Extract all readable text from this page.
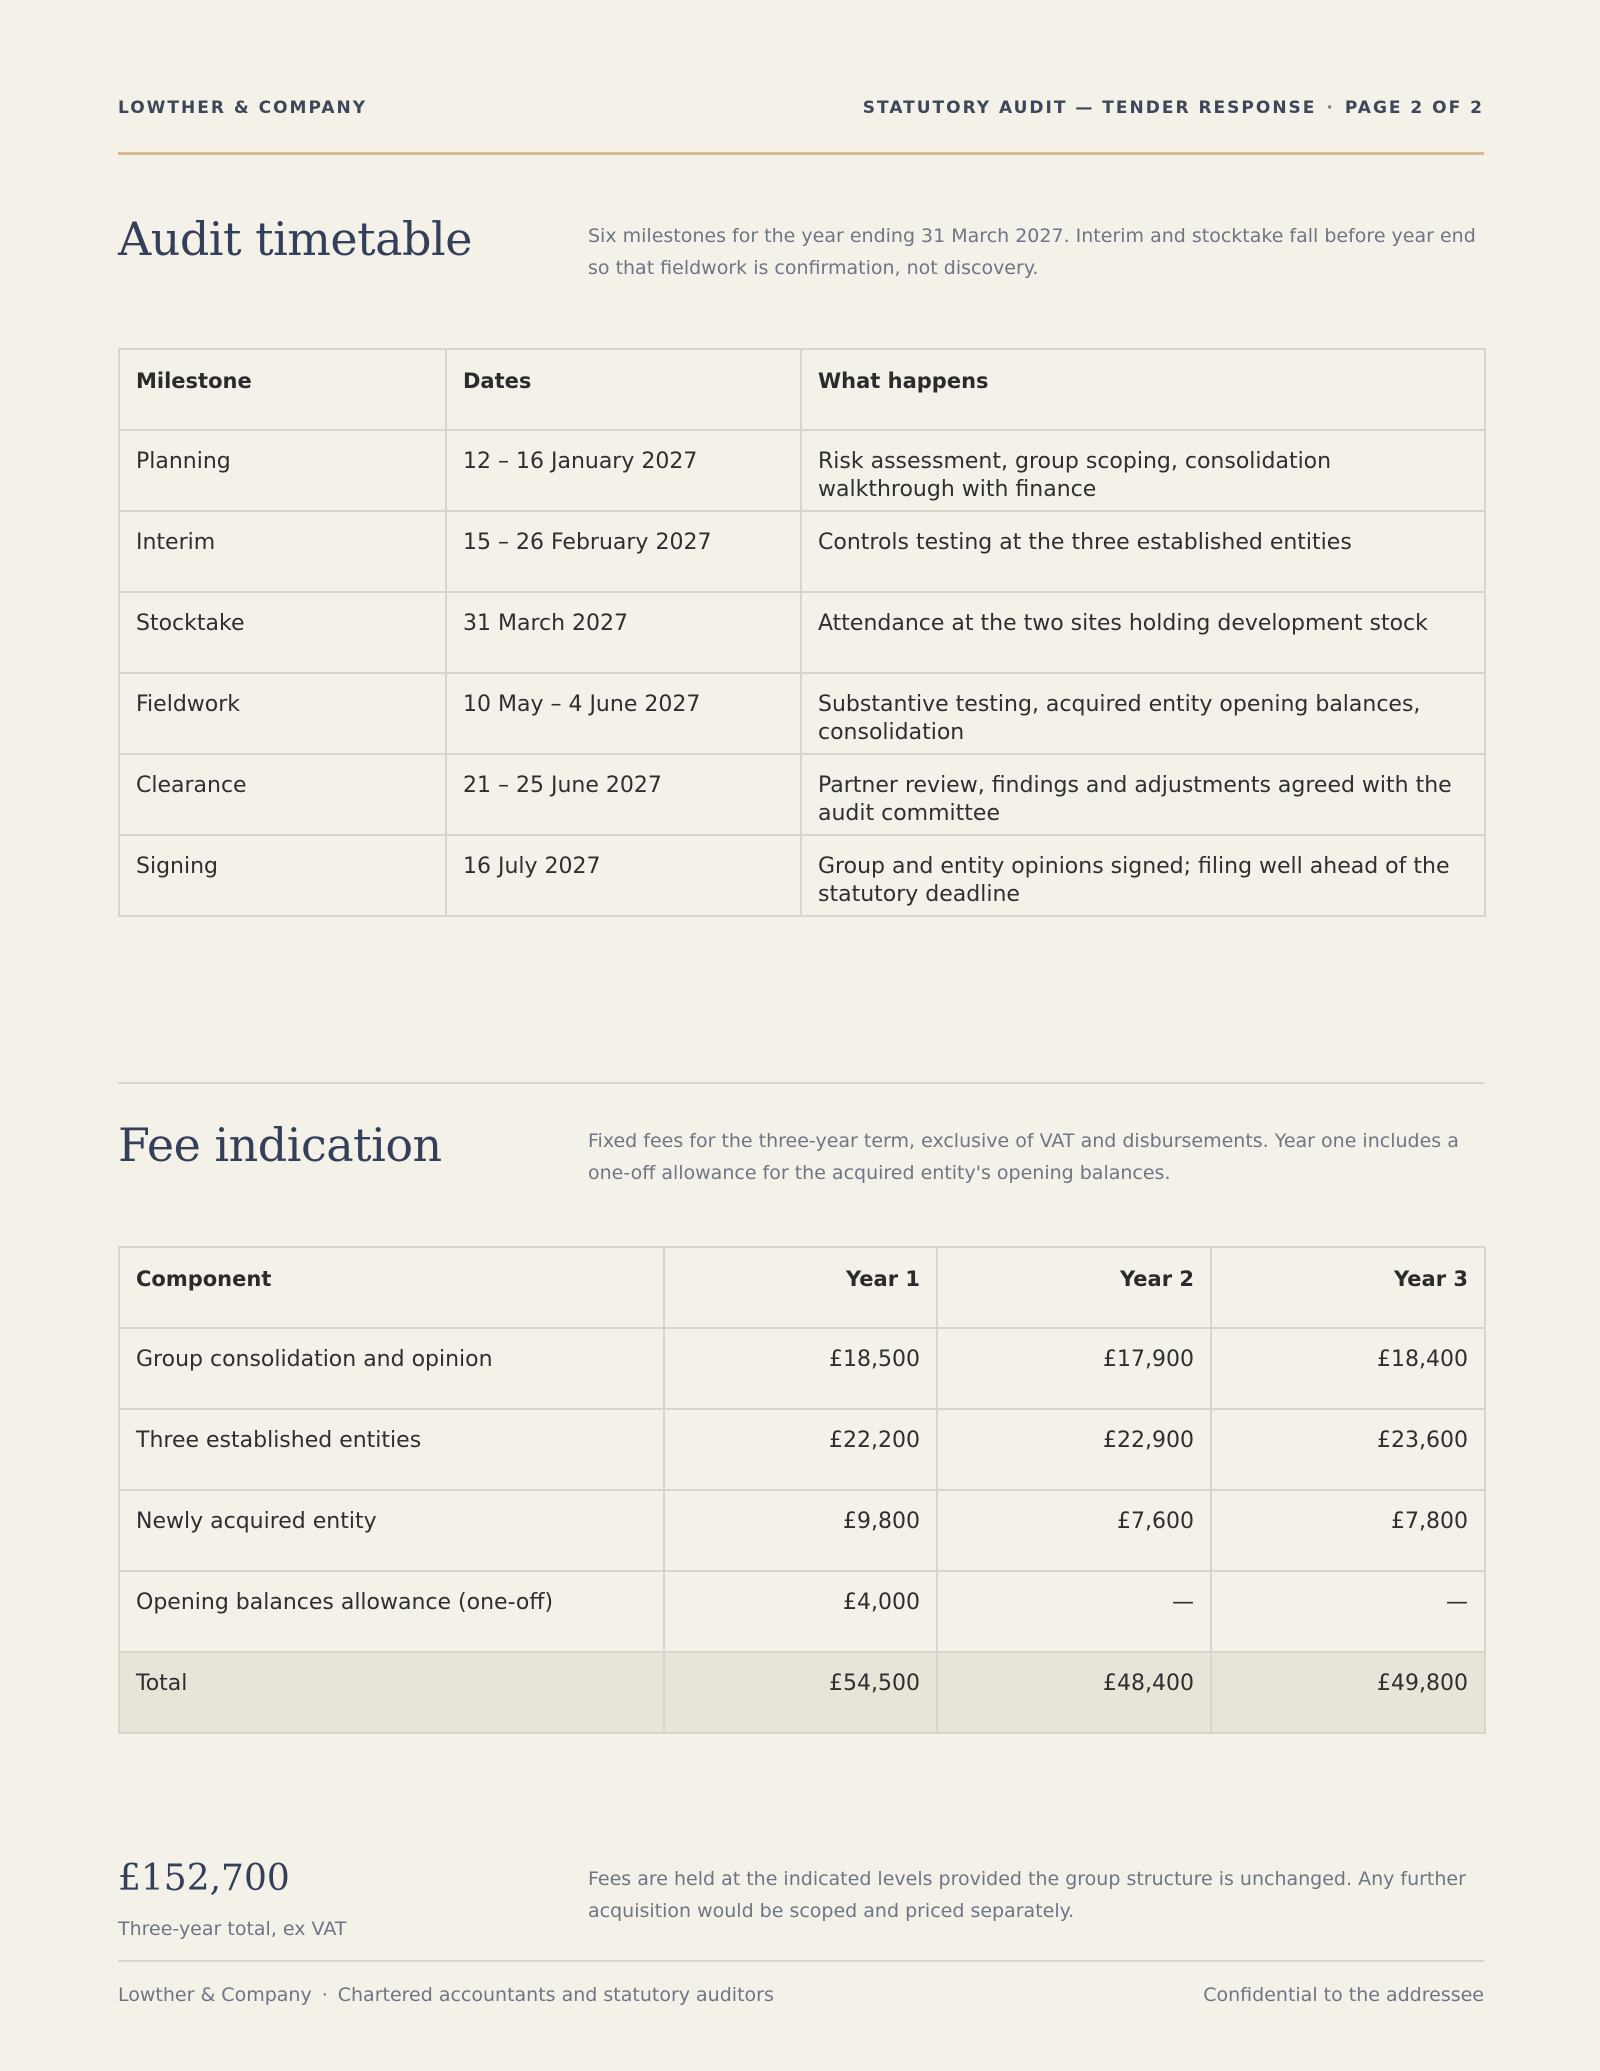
LOWTHER & COMPANY	STATUTORY AUDIT — TENDER RESPONSE · PAGE 2 OF 2
Audit timetable	Six milestones for the year ending 31 March 2027. Interim and stocktake fall before year end so that fieldwork is confirmation, not discovery.
Milestone	Dates	What happens
Planning	12 – 16 January 2027	Risk assessment, group scoping, consolidation walkthrough with finance
Interim	15 – 26 February 2027	Controls testing at the three established entities
Stocktake	31 March 2027	Attendance at the two sites holding development stock
Fieldwork	10 May – 4 June 2027	Substantive testing, acquired entity opening balances, consolidation
Clearance	21 – 25 June 2027	Partner review, findings and adjustments agreed with the audit committee
Signing	16 July 2027	Group and entity opinions signed; filing well ahead of the statutory deadline
Fee indication	Fixed fees for the three-year term, exclusive of VAT and disbursements. Year one includes a one-off allowance for the acquired entity's opening balances.
Component	Year 1	Year 2	Year 3
Group consolidation and opinion	£18,500	£17,900	£18,400
Three established entities	£22,200	£22,900	£23,600
Newly acquired entity	£9,800	£7,600	£7,800
Opening balances allowance (one-off)	£4,000	—	—
Total	£54,500	£48,400	£49,800
£152,700
Three-year total, ex VAT
Fees are held at the indicated levels provided the group structure is unchanged. Any further acquisition would be scoped and priced separately.
Lowther & Company · Chartered accountants and statutory auditors	Confidential to the addressee
